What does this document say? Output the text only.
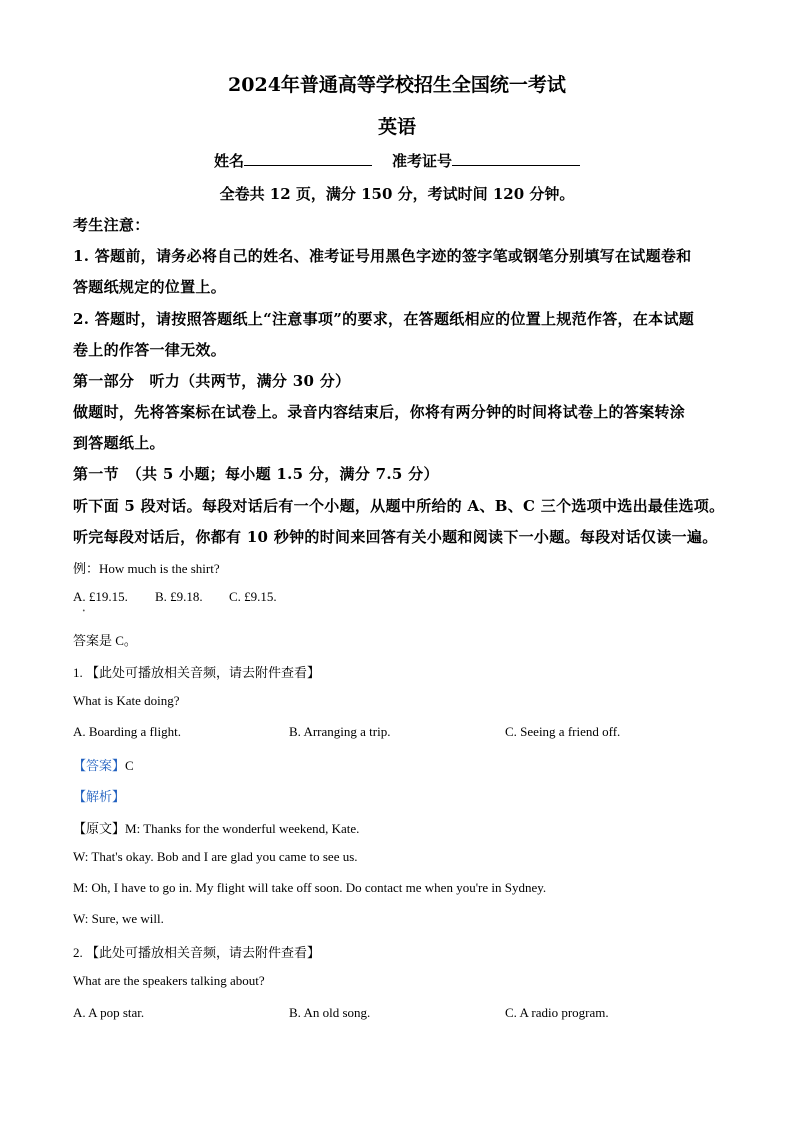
2024年普通高等学校招生全国统一考试
英语
姓名	准考证号
全卷共 12 页，满分 150 分，考试时间 120 分钟。
考生注意：
1. 答题前，请务必将自己的姓名、准考证号用黑色字迹的签字笔或钢笔分别填写在试题卷和
答题纸规定的位置上。
2. 答题时，请按照答题纸上“注意事项”的要求，在答题纸相应的位置上规范作答，在本试题
卷上的作答一律无效。
第一部分　听力（共两节，满分 30 分）
做题时，先将答案标在试卷上。录音内容结束后，你将有两分钟的时间将试卷上的答案转涂
到答题纸上。
第一节　（共 5 小题；每小题 1.5 分，满分 7.5 分）
听下面 5 段对话。每段对话后有一个小题，从题中所给的 A、B、C 三个选项中选出最佳选项。
听完每段对话后，你都有 10 秒钟的时间来回答有关小题和阅读下一小题。每段对话仅读一遍。
例：How much is the shirt?
A. £19.15. B. £9.18. C. £9.15.
•
答案是 C。
1. 【此处可播放相关音频，请去附件查看】
What is Kate doing?
A. Boarding a flight.	B. Arranging a trip.	C. Seeing a friend off.
【答案】C
【解析】
【原文】M: Thanks for the wonderful weekend, Kate.
W: That's okay. Bob and I are glad you came to see us.
M: Oh, I have to go in. My flight will take off soon. Do contact me when you're in Sydney.
W: Sure, we will.
2. 【此处可播放相关音频，请去附件查看】
What are the speakers talking about?
A. A pop star.	B. An old song.	C. A radio program.
